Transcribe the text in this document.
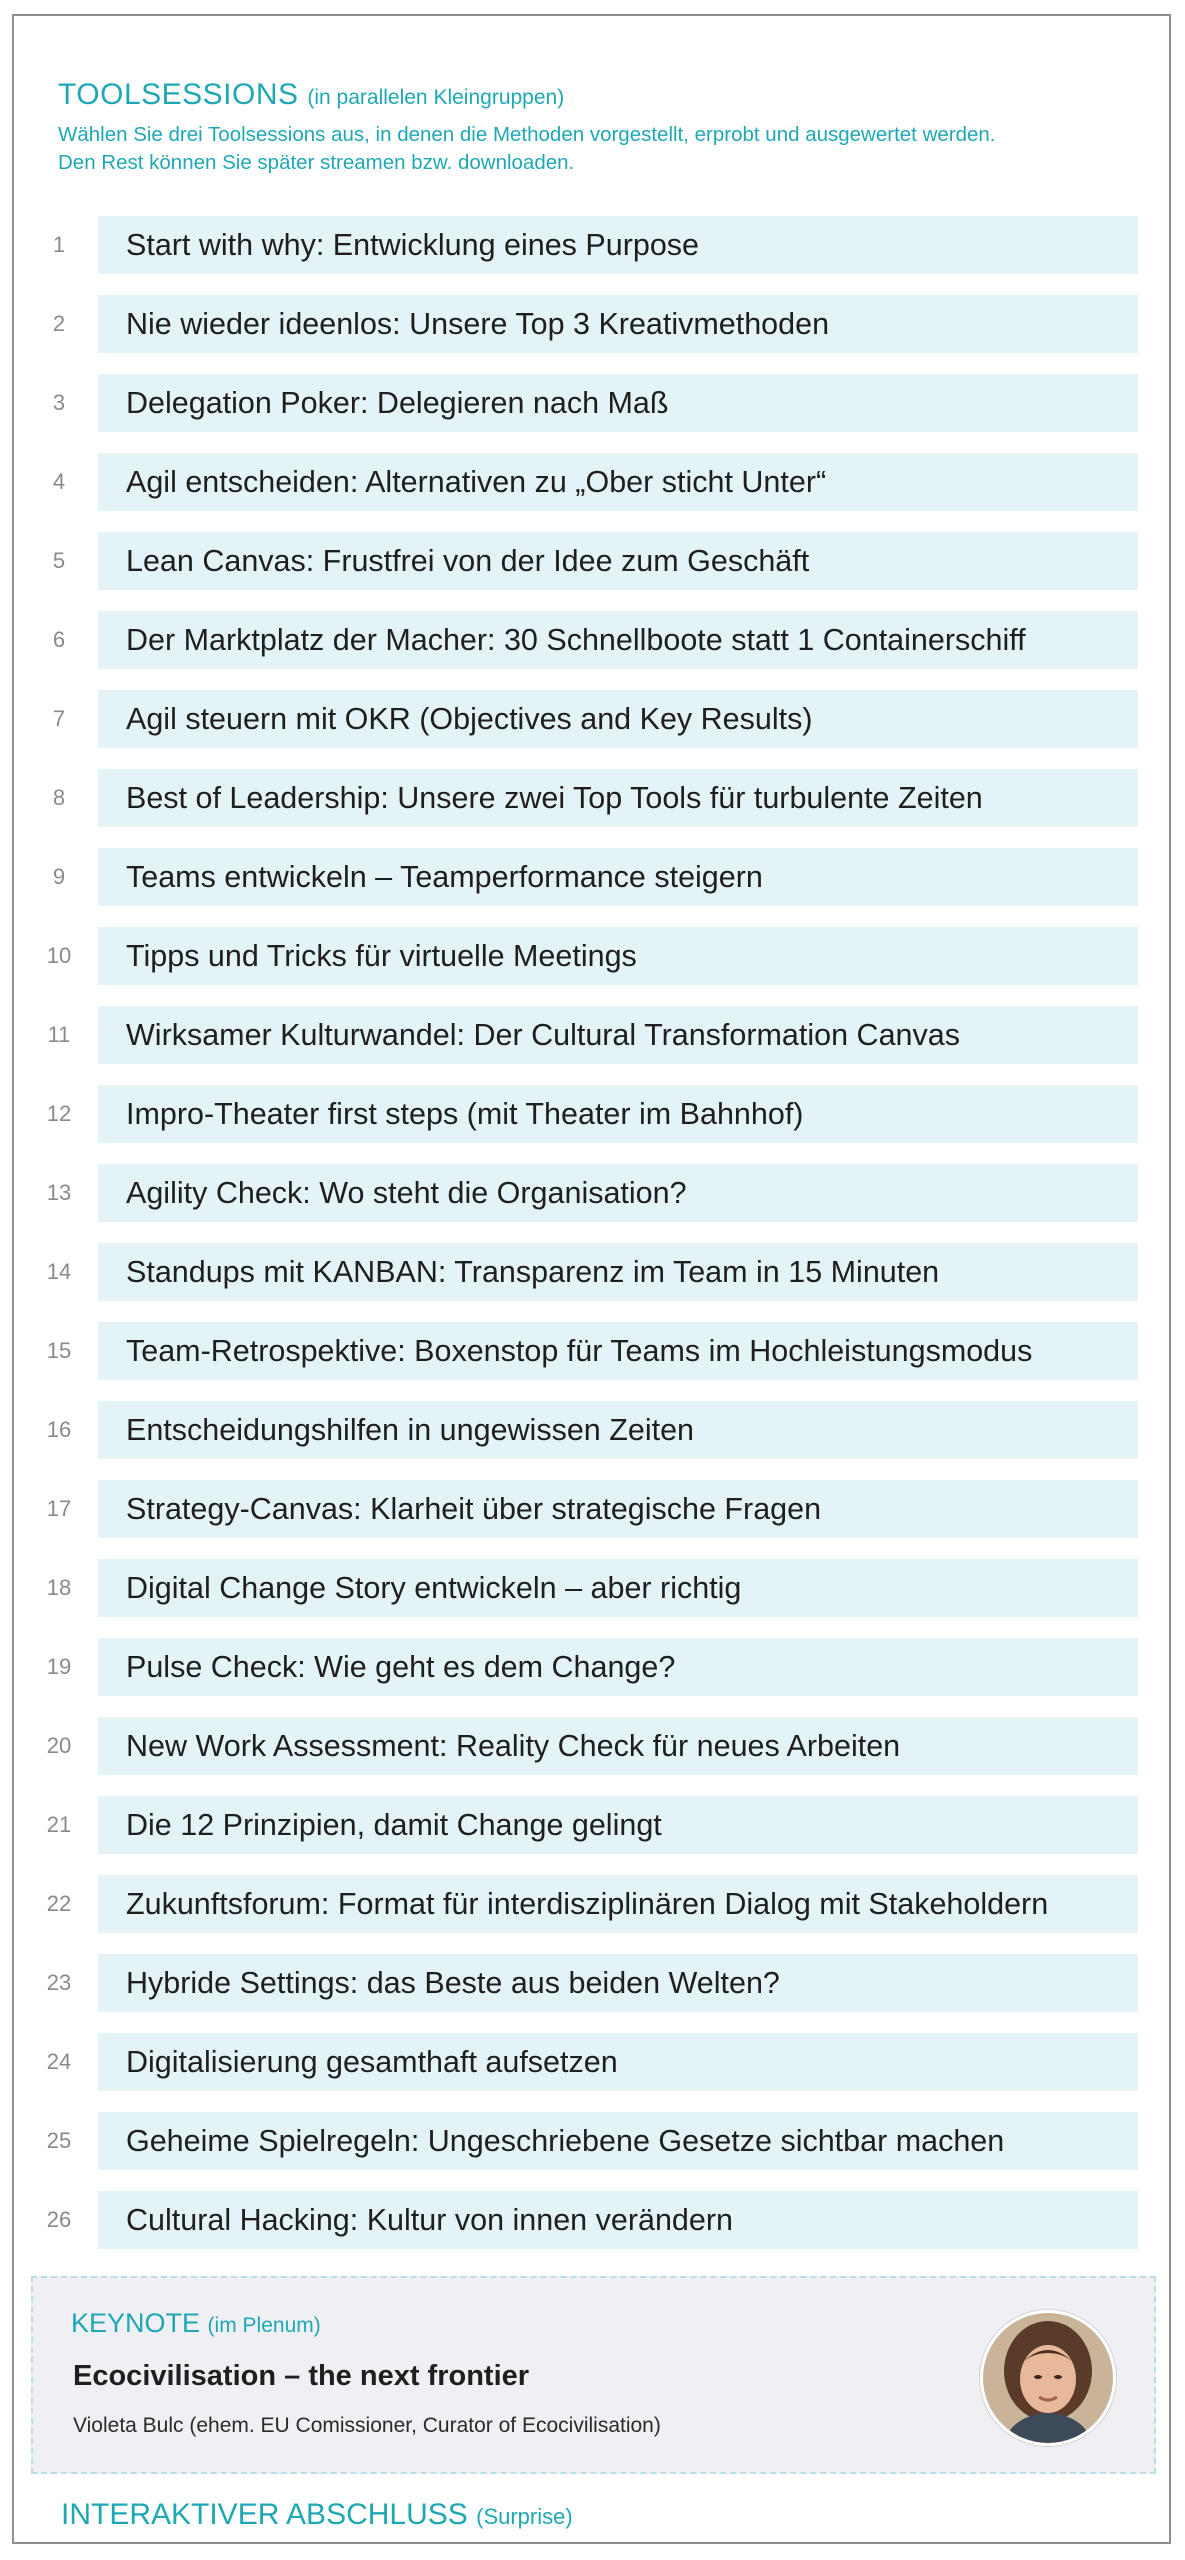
TOOLSESSIONS (in parallelen Kleingruppen)
Wählen Sie drei Toolsessions aus, in denen die Methoden vorgestellt, erprobt und ausgewertet werden.
Den Rest können Sie später streamen bzw. downloaden.
1	Start with why: Entwicklung eines Purpose
2	Nie wieder ideenlos: Unsere Top 3 Kreativmethoden
3	Delegation Poker: Delegieren nach Maß
4	Agil entscheiden: Alternativen zu „Ober sticht Unter“
5	Lean Canvas: Frustfrei von der Idee zum Geschäft
6	Der Marktplatz der Macher: 30 Schnellboote statt 1 Containerschiff
7	Agil steuern mit OKR (Objectives and Key Results)
8	Best of Leadership: Unsere zwei Top Tools für turbulente Zeiten
9	Teams entwickeln – Teamperformance steigern
10	Tipps und Tricks für virtuelle Meetings
11	Wirksamer Kulturwandel: Der Cultural Transformation Canvas
12	Impro-Theater first steps (mit Theater im Bahnhof)
13	Agility Check: Wo steht die Organisation?
14	Standups mit KANBAN: Transparenz im Team in 15 Minuten
15	Team-Retrospektive: Boxenstop für Teams im Hochleistungsmodus
16	Entscheidungshilfen in ungewissen Zeiten
17	Strategy-Canvas: Klarheit über strategische Fragen
18	Digital Change Story entwickeln – aber richtig
19	Pulse Check: Wie geht es dem Change?
20	New Work Assessment: Reality Check für neues Arbeiten
21	Die 12 Prinzipien, damit Change gelingt
22	Zukunftsforum: Format für interdisziplinären Dialog mit Stakeholdern
23	Hybride Settings: das Beste aus beiden Welten?
24	Digitalisierung gesamthaft aufsetzen
25	Geheime Spielregeln: Ungeschriebene Gesetze sichtbar machen
26	Cultural Hacking: Kultur von innen verändern
KEYNOTE (im Plenum)
Ecocivilisation – the next frontier
Violeta Bulc (ehem. EU Comissioner, Curator of Ecocivilisation)
INTERAKTIVER ABSCHLUSS (Surprise)
